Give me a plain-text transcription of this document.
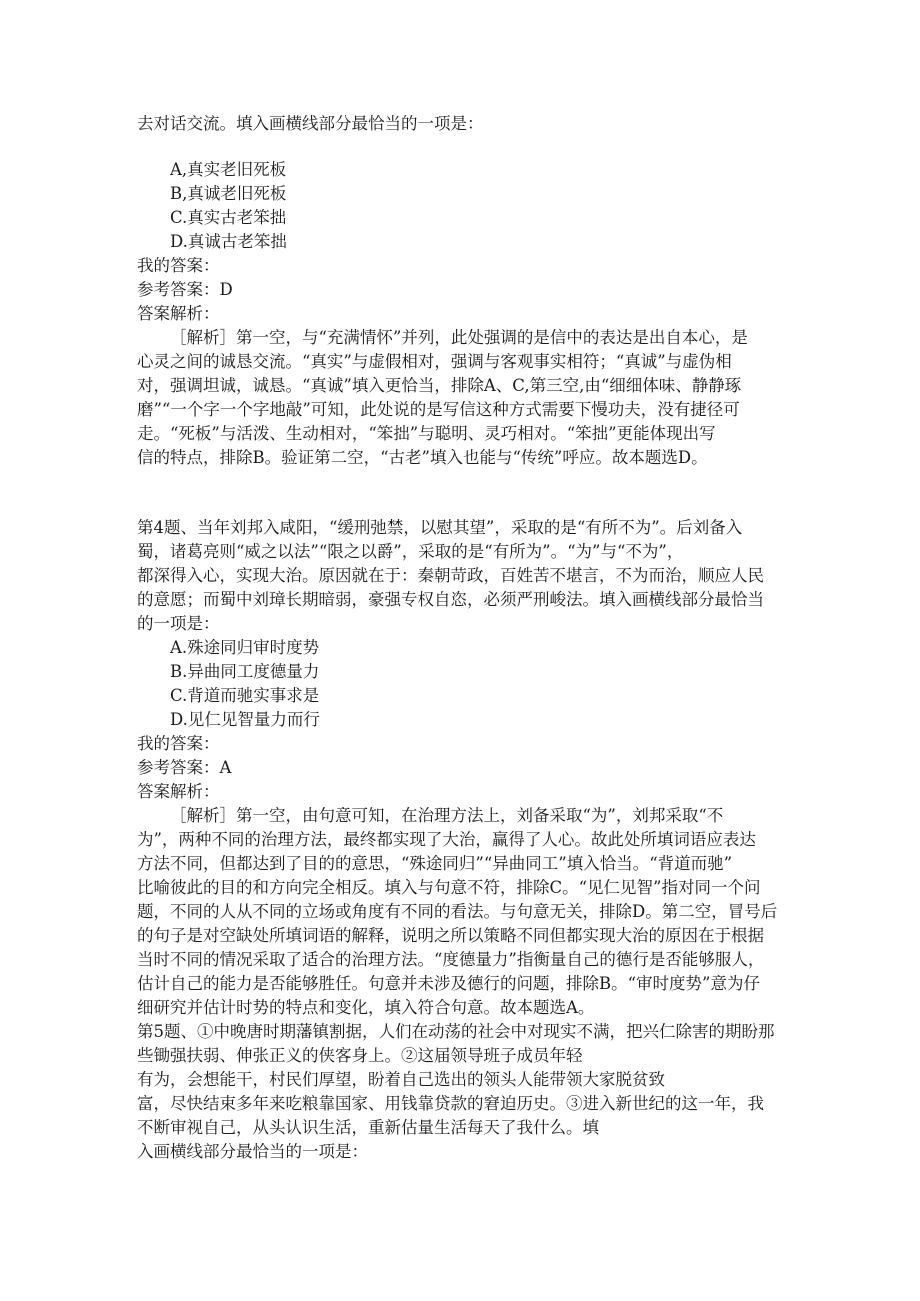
去对话交流。填入画横线部分最恰当的一项是：
A,真实老旧死板
B,真诚老旧死板
C.真实古老笨拙
D.真诚古老笨拙
我的答案：
参考答案：D
答案解析：
［解析］第一空，与“充满情怀”并列，此处强调的是信中的表达是出自本心，是
心灵之间的诚恳交流。“真实”与虚假相对，强调与客观事实相符；“真诚”与虚伪相
对，强调坦诚，诚恳。“真诚”填入更恰当，排除A、C,第三空,由“细细体味、静静琢
磨”“一个字一个字地敲”可知，此处说的是写信这种方式需要下慢功夫，没有捷径可
走。“死板”与活泼、生动相对，“笨拙”与聪明、灵巧相对。“笨拙”更能体现出写
信的特点，排除B。验证第二空，“古老”填入也能与“传统”呼应。故本题选D。
第4题、当年刘邦入咸阳，“缓刑弛禁，以慰其望”，采取的是“有所不为”。后刘备入
蜀，诸葛亮则“威之以法”“限之以爵”，采取的是“有所为”。“为”与“不为”，
都深得入心，实现大治。原因就在于：秦朝苛政，百姓苦不堪言，不为而治，顺应人民
的意愿；而蜀中刘璋长期暗弱，豪强专权自恣，必须严刑峻法。填入画横线部分最恰当
的一项是：
A.殊途同归审时度势
B.异曲同工度德量力
C.背道而驰实事求是
D.见仁见智量力而行
我的答案：
参考答案：A
答案解析：
［解析］第一空，由句意可知，在治理方法上，刘备采取“为”，刘邦采取“不
为”，两种不同的治理方法，最终都实现了大治，赢得了人心。故此处所填词语应表达
方法不同，但都达到了目的的意思，“殊途同归”“异曲同工”填入恰当。“背道而驰”
比喻彼此的目的和方向完全相反。填入与句意不符，排除C。“见仁见智”指对同一个问
题，不同的人从不同的立场或角度有不同的看法。与句意无关，排除D。第二空，冒号后
的句子是对空缺处所填词语的解释，说明之所以策略不同但都实现大治的原因在于根据
当时不同的情况采取了适合的治理方法。“度德量力”指衡量自己的德行是否能够服人，
估计自己的能力是否能够胜任。句意并未涉及德行的问题，排除B。“审时度势”意为仔
细研究并估计时势的特点和变化，填入符合句意。故本题选A。
第5题、①中晚唐时期藩镇割据，人们在动荡的社会中对现实不满，把兴仁除害的期盼那
些锄强扶弱、伸张正义的侠客身上。②这届领导班子成员年轻
有为，会想能干，村民们厚望，盼着自己选出的领头人能带领大家脱贫致
富，尽快结束多年来吃粮靠国家、用钱靠贷款的窘迫历史。③进入新世纪的这一年，我
不断审视自己，从头认识生活，重新估量生活每天了我什么。填
入画横线部分最恰当的一项是：
